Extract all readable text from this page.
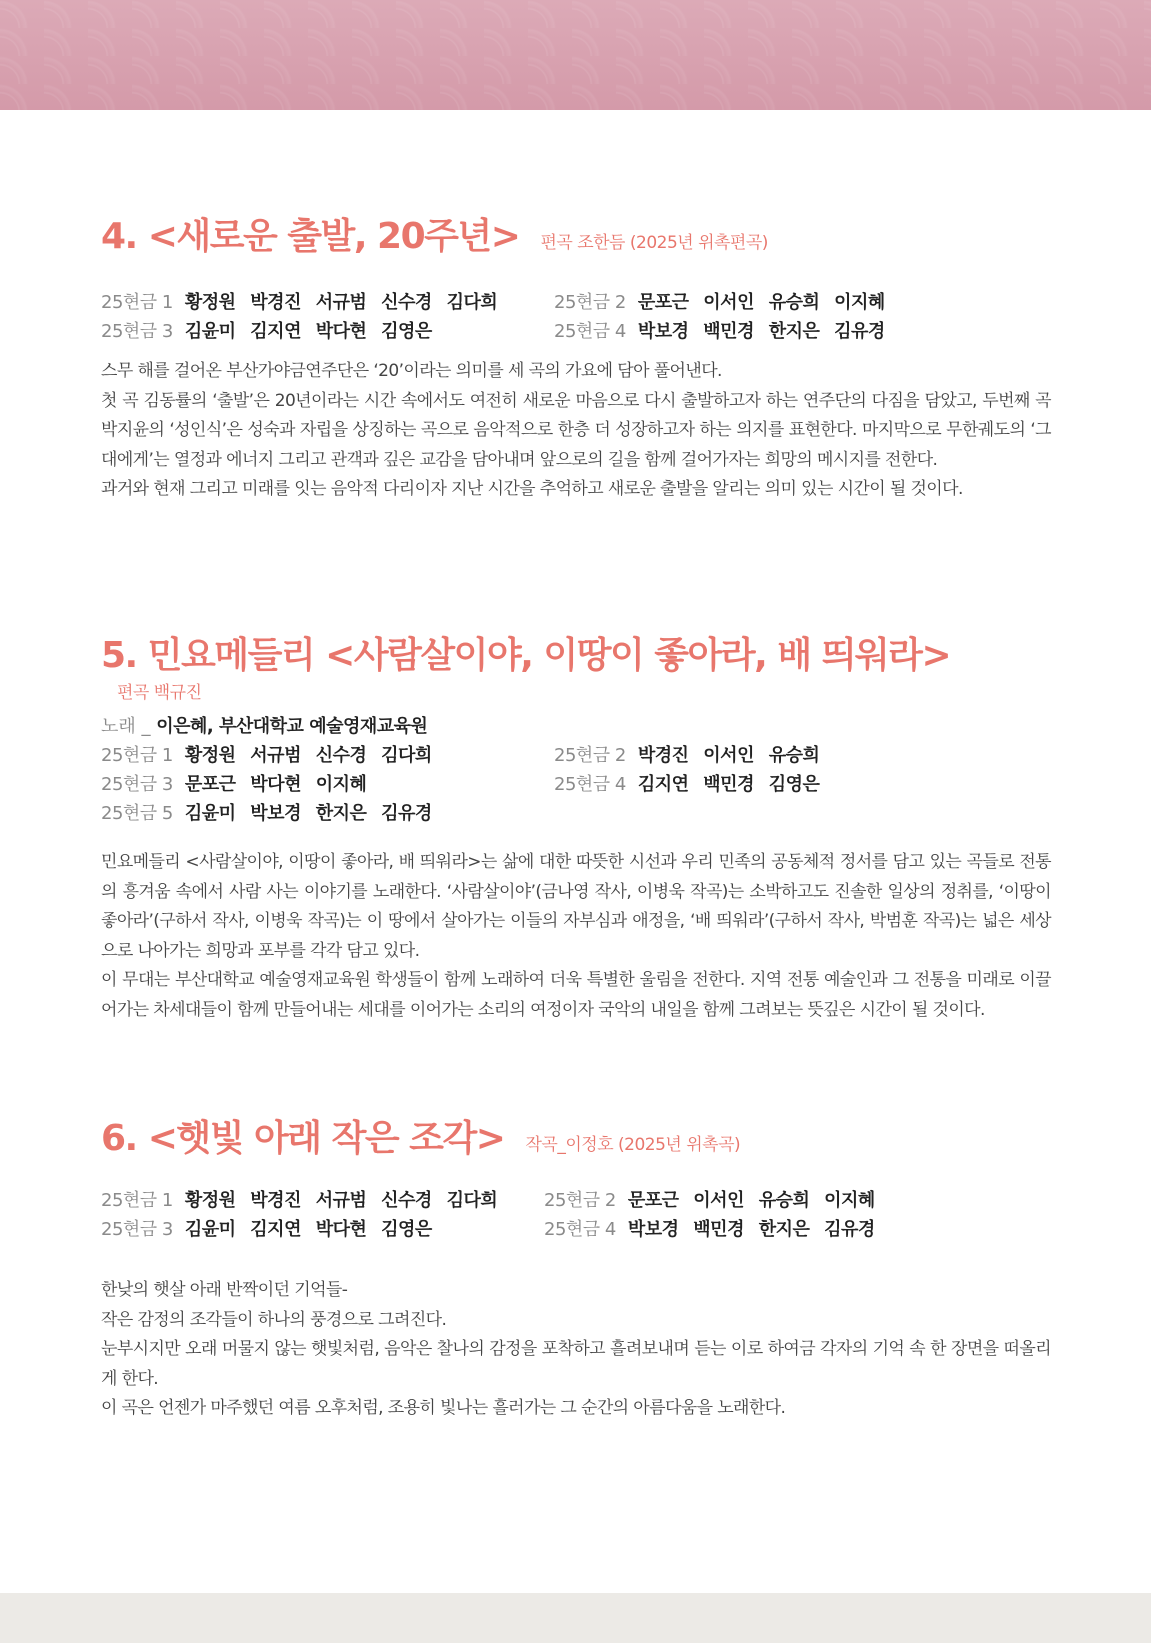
4. <새로운 출발, 20주년> 편곡 조한듬 (2025년 위촉편곡)
25현금 1 황정원 박경진 서규범 신수경 김다희	25현금 2 문포근 이서인 유승희 이지혜
25현금 3 김윤미 김지연 박다현 김영은	25현금 4 박보경 백민경 한지은 김유경

스무 해를 걸어온 부산가야금연주단은 ‘20’이라는 의미를 세 곡의 가요에 담아 풀어낸다.

첫 곡 김동률의 ‘출발’은 20년이라는 시간 속에서도 여전히 새로운 마음으로 다시 출발하고자 하는 연주단의 다짐을 담았고, 두번째 곡 박지윤의 ‘성인식’은 성숙과 자립을 상징하는 곡으로 음악적으로 한층 더 성장하고자 하는 의지를 표현한다. 마지막으로 무한궤도의 ‘그대에게’는 열정과 에너지 그리고 관객과 깊은 교감을 담아내며 앞으로의 길을 함께 걸어가자는 희망의 메시지를 전한다.

과거와 현재 그리고 미래를 잇는 음악적 다리이자 지난 시간을 추억하고 새로운 출발을 알리는 의미 있는 시간이 될 것이다.

5. 민요메들리 <사람살이야, 이땅이 좋아라, 배 띄워라> 편곡 백규진
노래 _ 이은혜, 부산대학교 예술영재교육원
25현금 1 황정원 서규범 신수경 김다희	25현금 2 박경진 이서인 유승희
25현금 3 문포근 박다현 이지혜	25현금 4 김지연 백민경 김영은
25현금 5 김윤미 박보경 한지은 김유경

민요메들리 <사람살이야, 이땅이 좋아라, 배 띄워라>는 삶에 대한 따뜻한 시선과 우리 민족의 공동체적 정서를 담고 있는 곡들로 전통의 흥겨움 속에서 사람 사는 이야기를 노래한다. ‘사람살이야’(금나영 작사, 이병욱 작곡)는 소박하고도 진솔한 일상의 정취를, ‘이땅이 좋아라’(구하서 작사, 이병욱 작곡)는 이 땅에서 살아가는 이들의 자부심과 애정을, ‘배 띄워라’(구하서 작사, 박범훈 작곡)는 넓은 세상으로 나아가는 희망과 포부를 각각 담고 있다.

이 무대는 부산대학교 예술영재교육원 학생들이 함께 노래하여 더욱 특별한 울림을 전한다. 지역 전통 예술인과 그 전통을 미래로 이끌어가는 차세대들이 함께 만들어내는 세대를 이어가는 소리의 여정이자 국악의 내일을 함께 그려보는 뜻깊은 시간이 될 것이다.

6. <햇빛 아래 작은 조각> 작곡_이정호 (2025년 위촉곡)
25현금 1 황정원 박경진 서규범 신수경 김다희	25현금 2 문포근 이서인 유승희 이지혜
25현금 3 김윤미 김지연 박다현 김영은	25현금 4 박보경 백민경 한지은 김유경

한낮의 햇살 아래 반짝이던 기억들-

작은 감정의 조각들이 하나의 풍경으로 그려진다.

눈부시지만 오래 머물지 않는 햇빛처럼, 음악은 찰나의 감정을 포착하고 흘려보내며 듣는 이로 하여금 각자의 기억 속 한 장면을 떠올리게 한다.

이 곡은 언젠가 마주했던 여름 오후처럼, 조용히 빛나는 흘러가는 그 순간의 아름다움을 노래한다.
